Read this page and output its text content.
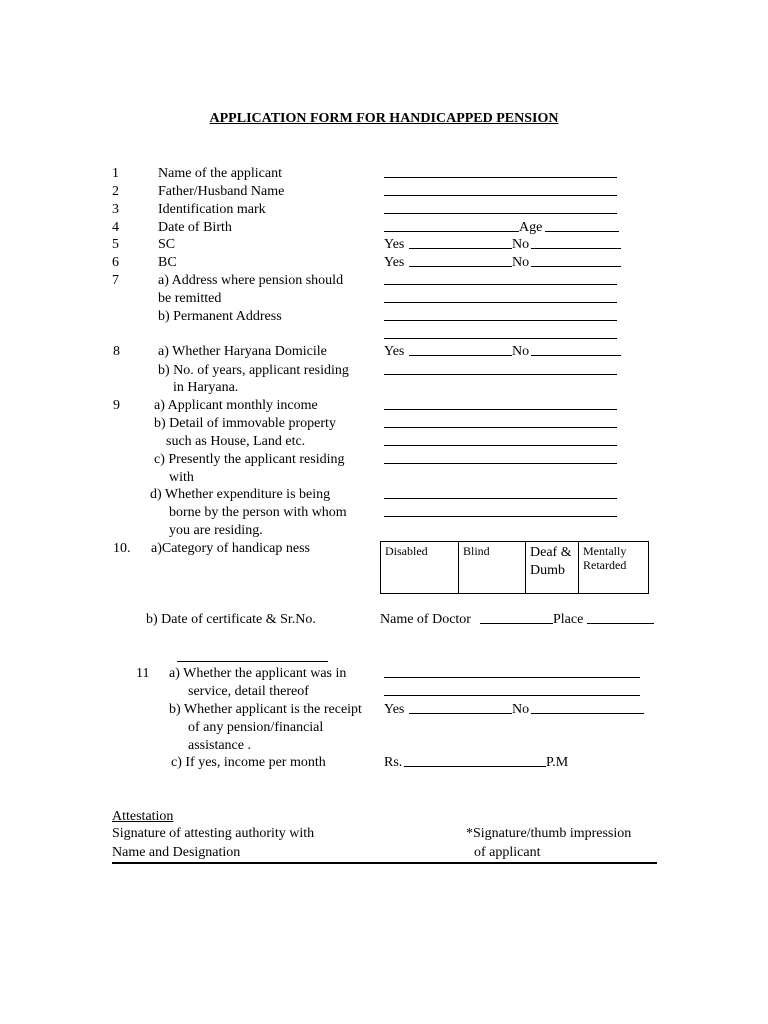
APPLICATION FORM FOR HANDICAPPED PENSION
1	Name of the applicant
2	Father/Husband Name
3	Identification mark
4	Date of Birth	Age
5	SC	Yes	No
6	BC	Yes	No
7	a) Address where pension should
be remitted
b) Permanent Address
8	a) Whether Haryana Domicile	Yes	No
b) No. of years, applicant residing
in Haryana.
9 a) Applicant monthly income
b) Detail of immovable property
such as House, Land etc.
c) Presently the applicant residing
with
d) Whether expenditure is being
borne by the person with whom
you are residing.
10. a)Category of handicap ness	Disabled	Blind	Deaf & Dumb	Mentally Retarded
b) Date of certificate & Sr.No.	Name of Doctor	Place
11 a) Whether the applicant was in
service, detail thereof
b) Whether applicant is the receipt
of any pension/financial
assistance .
Yes	No
c) If yes, income per month	Rs.	P.M
Attestation
Signature of attesting authority with
Name and Designation
*Signature/thumb impression
of applicant
